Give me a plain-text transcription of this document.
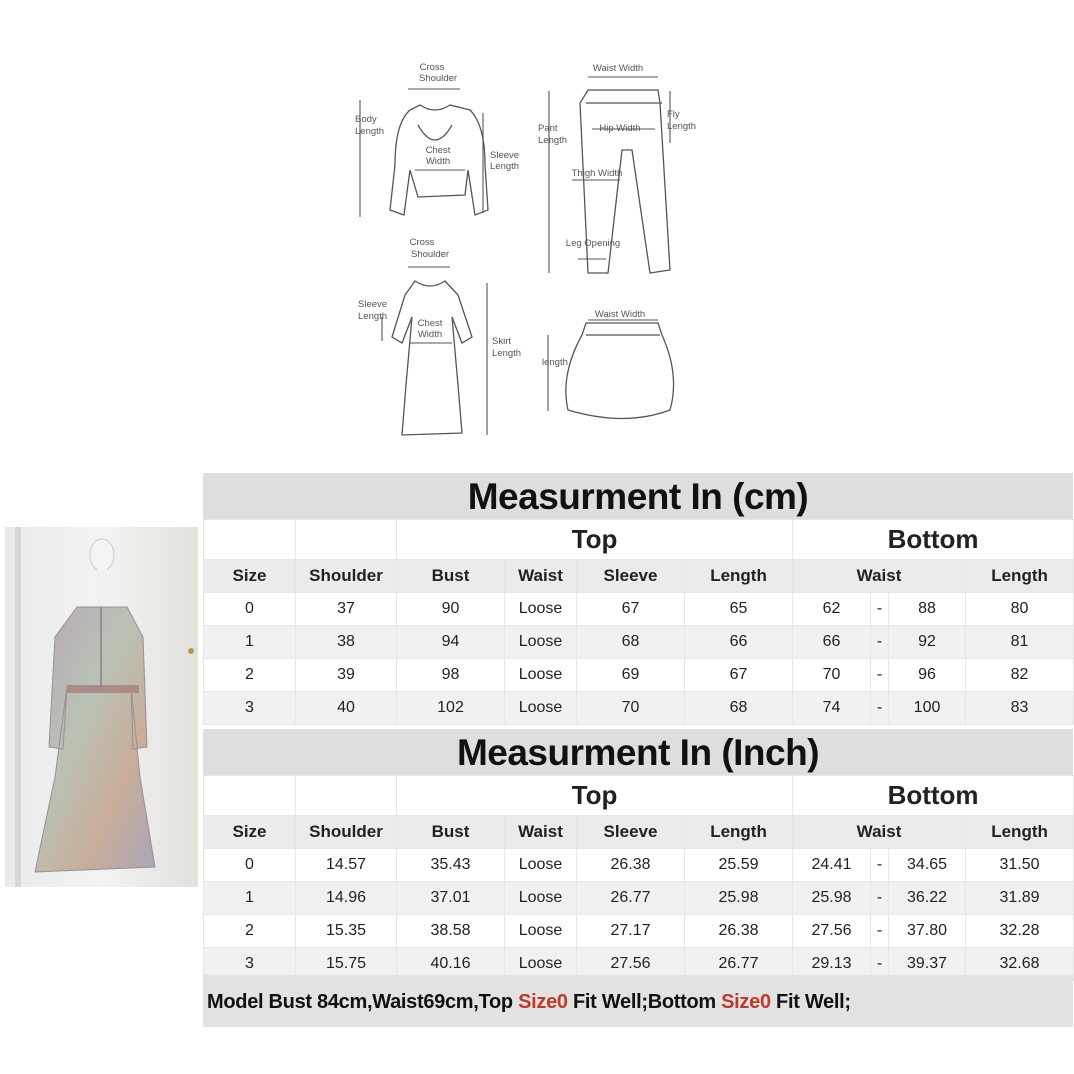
Cross
Shoulder
Body
Length
Chest
Width
Sleeve
Length
Waist Width
Pant
Length
Hip Width
Fly
Length
Thigh Width
Leg Opening
Cross
Shoulder
Sleeve
Length
Chest
Width
Skirt
Length
Waist Width
length
Measurment In (cm)
		Top				Bottom			
Size	Shoulder	Bust	Waist	Sleeve	Length	Waist			Length
0	37	90	Loose	67	65	62	-	88	80
1	38	94	Loose	68	66	66	-	92	81
2	39	98	Loose	69	67	70	-	96	82
3	40	102	Loose	70	68	74	-	100	83
Measurment In (Inch)
		Top				Bottom			
Size	Shoulder	Bust	Waist	Sleeve	Length	Waist			Length
0	14.57	35.43	Loose	26.38	25.59	24.41	-	34.65	31.50
1	14.96	37.01	Loose	26.77	25.98	25.98	-	36.22	31.89
2	15.35	38.58	Loose	27.17	26.38	27.56	-	37.80	32.28
3	15.75	40.16	Loose	27.56	26.77	29.13	-	39.37	32.68
Model Bust 84cm,Waist69cm,Top Size0 Fit Well;Bottom Size0 Fit Well;
